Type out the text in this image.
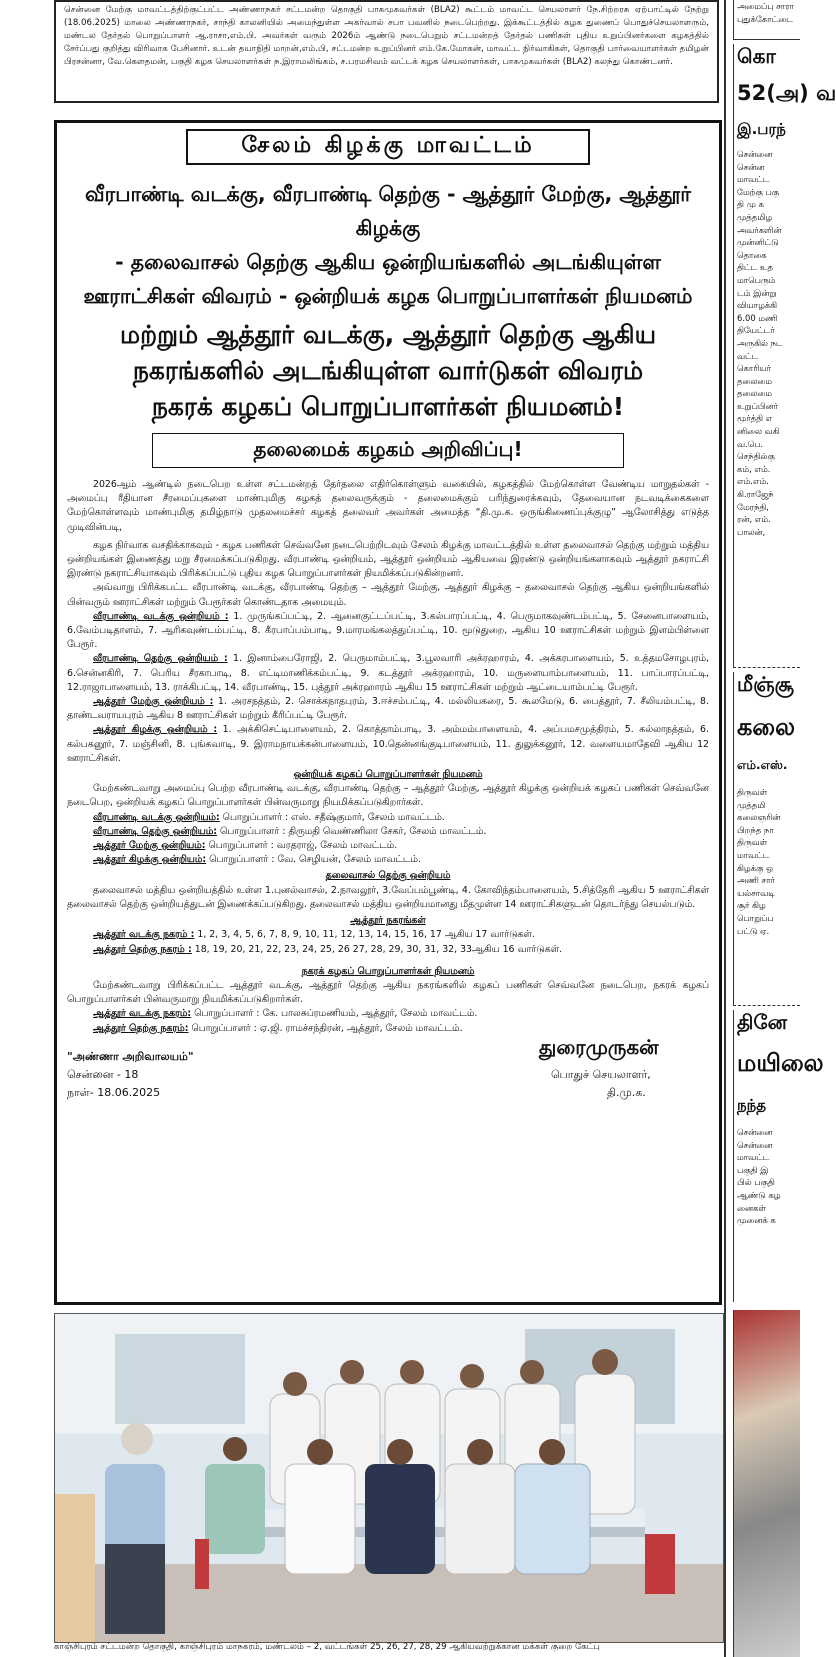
சென்னை மேற்கு மாவட்டத்திற்குட்பட்ட அண்ணாநகர் சட்டமன்ற தொகுதி பாகமுகவர்கள் (BLA2) கூட்டம் மாவட்ட செயலாளர் நே.சிற்றரசு ஏற்பாட்டில் நேற்று (18.06.2025) மாலை அண்ணாநகர், சாந்தி காலனியில் அமைந்துள்ள அகர்வால் சபா பவனில் நடைபெற்றது. இக்கூட்டத்தில் கழக துணைப் பொதுச்செயலாளரும், மண்டல தேர்தல் பொறுப்பாளர் ஆ.ராசா,எம்.பி. அவர்கள் வரும் 2026ம் ஆண்டு நடைபெறும் சட்டமன்றத் தேர்தல் பணிகள் புதிய உறுப்பினர்களை கழகத்தில் சேர்ப்பது குறித்து விரிவாக பேசினார். உடன் தயாநிதி மாறன்,எம்.பி, சட்டமன்ற உறுப்பினர் எம்.கே.மோகன், மாவட்ட நிர்வாகிகள், தொகுதி பார்வையாளர்கள் தமிழன் பிரசன்னா, வே.கௌதமன், பகுதி கழக செயலாளர்கள் ந.இராமலிங்கம், ச.பரமசிவம் வட்டக் கழக செயலாளர்கள், பாகமுகவர்கள் (BLA2) கலந்து கொண்டனர்.

அமைப்பு சாரா
புதுக்கோட்டை
கொ
52(அ) வ
இ.பரந்
சென்னை
சென்ன
மாவட்ட
மேற்கு பகு
தி மு க
முத்தமிழ
அவர்களின்
முன்னிட்டு
தொகை
திட்ட உத
மாபெரும்
டம் இன்று
வியாழக்கி
6.00 மணி
தியேட்டர்
அருகில் நட
வட்ட
கொரியர்
தலைமை
தலைமை
உறுப்பினர்
மூர்த்தி எ
னிலை வகி
வ.பெ.
செந்தில்கு
கம், எம்.
எம்.எம்.
கி.ராஜேந்
மேரந்தி,
ரன், எம்.
பாலன்,
மீஞ்சூ
கலை
எம்.எஸ்.
திருவள்
முத்தமி
கலைஞரின்
பிறந்த நா
திருவள்
மாவட்ட
கிழக்கு ஒ
அணி சார்
யல்சாவடி
சூர் கிழ
பொறுப்ப
பட்டு ஏ.
தினே
மயிலை
நந்த
சென்னை
சென்னை
மாவட்ட
பகுதி இ
பில் பகுதி
ஆண்டு கழ
னைகள்
முனைக் க
சேலம் கிழக்கு மாவட்டம்
வீரபாண்டி வடக்கு, வீரபாண்டி தெற்கு - ஆத்தூர் மேற்கு, ஆத்தூர் கிழக்கு
- தலைவாசல் தெற்கு ஆகிய ஒன்றியங்களில் அடங்கியுள்ள
ஊராட்சிகள் விவரம் - ஒன்றியக் கழக பொறுப்பாளர்கள் நியமனம்
மற்றும் ஆத்தூர் வடக்கு, ஆத்தூர் தெற்கு ஆகிய
நகரங்களில் அடங்கியுள்ள வார்டுகள் விவரம்
நகரக் கழகப் பொறுப்பாளர்கள் நியமனம்!
தலைமைக் கழகம் அறிவிப்பு!

2026ஆம் ஆண்டில் நடைபெற உள்ள சட்டமன்றத் தேர்தலை எதிர்கொள்ளும் வகையில், கழகத்தில் மேற்கொள்ள வேண்டிய மாறுதல்கள் - அமைப்பு ரீதியான சீரமைப்புகளை மாண்புமிகு கழகத் தலைவருக்கும் - தலைமைக்கும் பரிந்துரைக்கவும், தேவையான நடவடிக்கைகளை மேற்கொள்ளவும் மாண்புமிகு தமிழ்நாடு முதலமைச்சர் கழகத் தலைவர் அவர்கள் அமைத்த “தி.மு.க. ஒருங்கிணைப்புக்குழு” ஆலோசித்து எடுத்த முடிவின்படி,

கழக நிர்வாக வசதிக்காகவும் - கழக பணிகள் செவ்வனே நடைபெற்றிடவும் சேலம் கிழக்கு மாவட்டத்தில் உள்ள தலைவாசல் தெற்கு மற்றும் மத்திய ஒன்றியங்கள் இணைத்து மறு சீரமைக்கப்படுகிறது. வீரபாண்டி ஒன்றியம், ஆத்தூர் ஒன்றியம் ஆகியவை இரண்டு ஒன்றியங்களாகவும் ஆத்தூர் நகராட்சி இரண்டு நகராட்சியாகவும் பிரிக்கப்பட்டு புதிய கழக பொறுப்பாளர்கள் நியமிக்கப்படுகின்றனர்.

அவ்வாறு பிரிக்கபட்ட வீரபாண்டி வடக்கு, வீரபாண்டி தெற்கு – ஆத்தூர் மேற்கு, ஆத்தூர் கிழக்கு – தலைவாசல் தெற்கு ஆகிய ஒன்றியங்களில் பின்வரும் ஊராட்சிகள் மற்றும் பேரூர்கள் கொண்டதாக அமையும்.

வீரபாண்டி வடக்கு ஒன்றியம் : 1. முருங்கப்பட்டி, 2. ஆனைகுட்டப்பட்டி, 3.கல்பாரப்பட்டி, 4. பெருமாகவுண்டம்பட்டி, 5. சேனைபாளையம், 6.வேம்படிதாளம், 7. ஆரிகவுண்டம்பட்டி, 8. கீரபாப்பம்பாடி, 9.மாரமங்கலத்துப்பட்டி, 10. மூடுதுறை, ஆகிய 10 ஊராட்சிகள் மற்றும் இளம்பிள்ளை பேரூர்.

வீரபாண்டி தெற்கு ஒன்றியம் : 1. இனாம்பைரோஜி, 2. பெருமாம்பட்டி, 3.பூலவாரி அக்ரஹாரம், 4. அக்கரபாளையம், 5. உத்தமசோழபுரம், 6.சென்னகிரி, 7. பெரிய சீரகாபாடி, 8. எட்டிமாணிக்கம்பட்டி, 9. கடத்தூர் அக்ரஹாரம், 10. மருளையாம்பாளையம், 11. பாப்பாரப்பட்டி, 12.ராஜாபாளையம், 13. ராக்கிபட்டி, 14. வீரபாண்டி, 15. புத்தூர் அக்ரஹாரம் ஆகிய 15 ஊராட்சிகள் மற்றும் ஆட்டையாம்பட்டி பேரூர்.

ஆத்தூர் மேற்கு ஒன்றியம் : 1. அரசநத்தம், 2. சொக்கநாதபுரம், 3.ஈச்சம்பட்டி, 4. மல்லியகரை, 5. கூலமேடு, 6. பைத்தூர், 7. சீலியம்பட்டி, 8. தாண்டவராயபுரம் ஆகிய 8 ஊராட்சிகள் மற்றும் கீரிப்பட்டி பேரூர்.

ஆத்தூர் கிழக்கு ஒன்றியம் : 1. அக்கிசெட்டிபாளையம், 2. கொத்தாம்பாடி, 3. அம்மம்பாளையம், 4. அப்பமசமுத்திரம், 5. கல்லாநத்தம், 6. கல்பகனூர், 7. மஞ்சினி, 8. புங்கவாடி, 9. இராமநாயக்கன்பாளையம், 10.தென்னங்குடிபாளையம், 11. துலுக்கனூர், 12. வளையமாதேவி ஆகிய 12 ஊராட்சிகள்.

ஒன்றியக் கழகப் பொறுப்பாளர்கள் நியமனம்

மேற்கண்டவாறு அமைப்பு பெற்ற வீரபாண்டி வடக்கு, வீரபாண்டி தெற்கு – ஆத்தூர் மேற்கு, ஆத்தூர் கிழக்கு ஒன்றியக் கழகப் பணிகள் செவ்வனே நடைபெற, ஒன்றியக் கழகப் பொறுப்பாளர்கள் பின்வருமாறு நியமிக்கப்படுகிறார்கள்.

வீரபாண்டி வடக்கு ஒன்றியம்: பொறுப்பாளர் : எஸ். சதீஷ்குமார், சேலம் மாவட்டம்.

வீரபாண்டி தெற்கு ஒன்றியம்: பொறுப்பாளர் : திருமதி வெண்ணிலா சேகர், சேலம் மாவட்டம்.

ஆத்தூர் மேற்கு ஒன்றியம்: பொறுப்பாளர் : வரதராஜ், சேலம் மாவட்டம்.

ஆத்தூர் கிழக்கு ஒன்றியம்: பொறுப்பாளர் : வே. செழியன், சேலம் மாவட்டம்.

தலைவாசல் தெற்கு ஒன்றியம்

தலைவாசல் மத்திய ஒன்றியத்தில் உள்ள 1.புனல்வாசல், 2.நாவலூர், 3.வேப்பம்பூண்டி, 4. கோவிந்தம்பாளையம், 5.சித்தேரி ஆகிய 5 ஊராட்சிகள் தலைவாசல் தெற்கு ஒன்றியத்துடன் இணைக்கப்படுகிறது. தலைவாசல் மத்திய ஒன்றியமானது மீதமுள்ள 14 ஊராட்சிகளுடன் தொடர்ந்து செயல்படும்.

ஆத்தூர் நகரங்கள்

ஆத்தூர் வடக்கு நகரம் : 1, 2, 3, 4, 5, 6, 7, 8, 9, 10, 11, 12, 13, 14, 15, 16, 17 ஆகிய 17 வார்டுகள்.

ஆத்தூர் தெற்கு நகரம் : 18, 19, 20, 21, 22, 23, 24, 25, 26 27, 28, 29, 30, 31, 32, 33ஆகிய 16 வார்டுகள்.

நகரக் கழகப் பொறுப்பாளர்கள் நியமனம்

மேற்கண்டவாறு பிரிக்கப்பட்ட ஆத்தூர் வடக்கு, ஆத்தூர் தெற்கு ஆகிய நகரங்களில் கழகப் பணிகள் செவ்வனே நடைபெற, நகரக் கழகப் பொறுப்பாளர்கள் பின்வருமாறு நியமிக்கப்படுகிறார்கள்.

ஆத்தூர் வடக்கு நகரம்: பொறுப்பாளர் : கே. பாலசுப்ரமணியம், ஆத்தூர், சேலம் மாவட்டம்.

ஆத்தூர் தெற்கு நகரம்: பொறுப்பாளர் : ஏ.ஜி. ராமச்சந்திரன், ஆத்தூர், சேலம் மாவட்டம்.

"அண்ணா அறிவாலயம்"
சென்னை - 18
நாள்- 18.06.2025
துரைமுருகன்
பொதுச் செயலாளர்,
தி.மு.க.
காஞ்சிபுரம் சட்டமன்ற தொகுதி, காஞ்சிபுரம் மாநகரம், மண்டலம் – 2, வட்டங்கள் 25, 26, 27, 28, 29 ஆகியவற்றுக்கான மக்கள் குறை கேட்பு
